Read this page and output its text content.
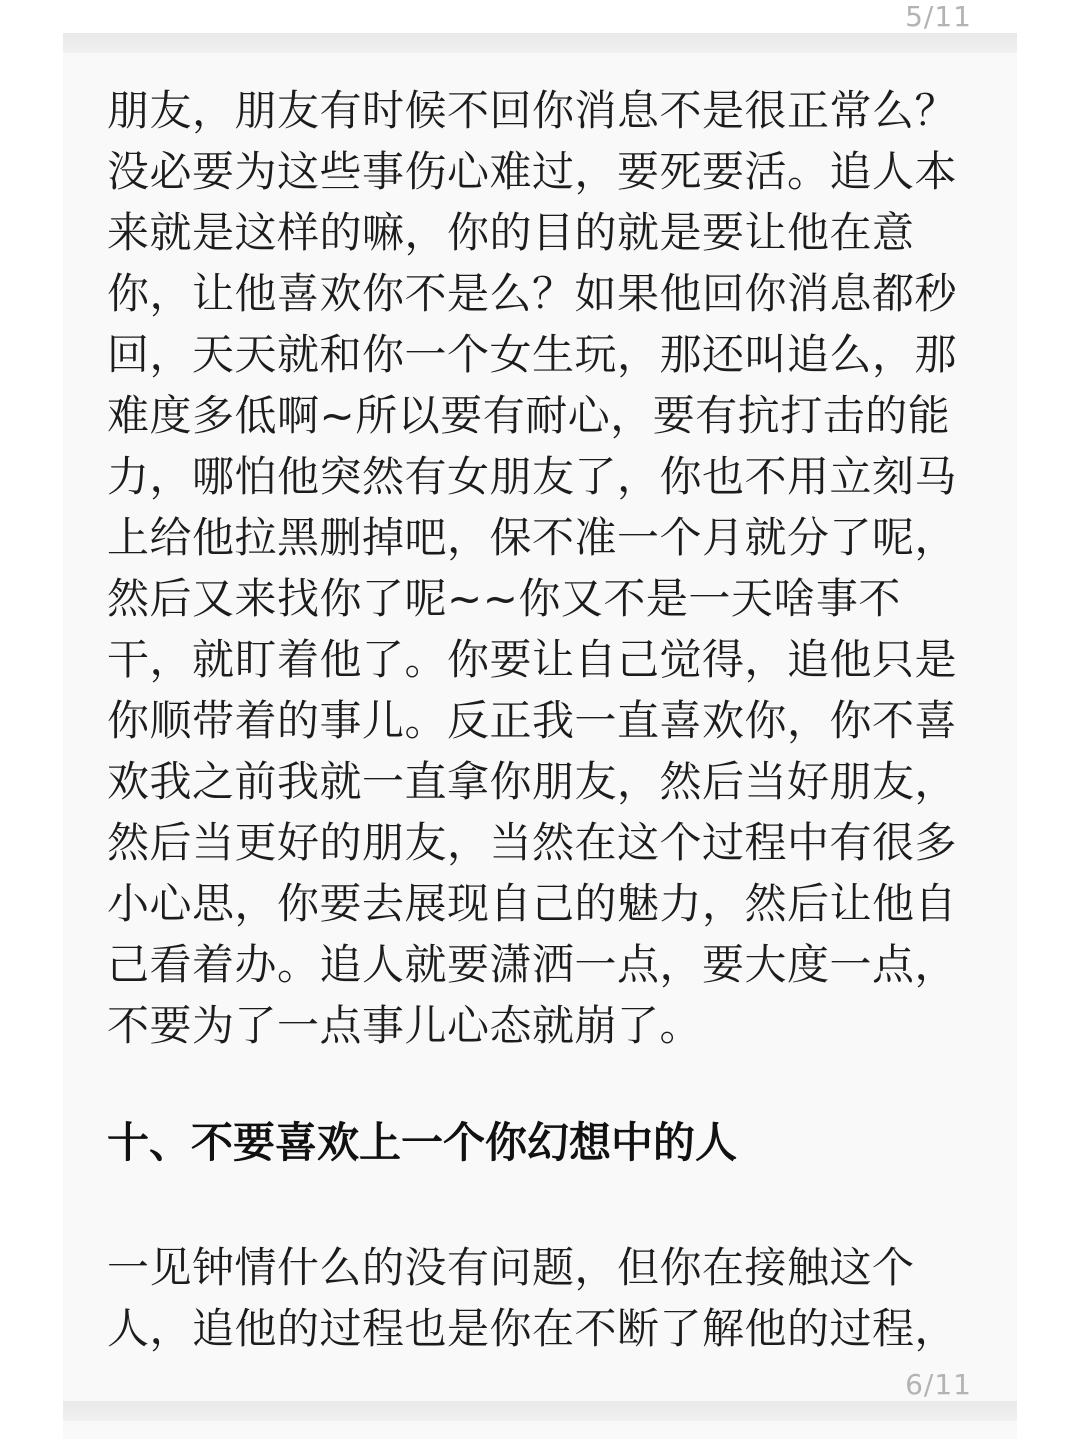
5/11
朋友，朋友有时候不回你消息不是很正常么？
没必要为这些事伤心难过，要死要活。追人本
来就是这样的嘛，你的目的就是要让他在意
你，让他喜欢你不是么？如果他回你消息都秒
回，天天就和你一个女生玩，那还叫追么，那
难度多低啊~所以要有耐心，要有抗打击的能
力，哪怕他突然有女朋友了，你也不用立刻马
上给他拉黑删掉吧，保不准一个月就分了呢，
然后又来找你了呢~~你又不是一天啥事不
干，就盯着他了。你要让自己觉得，追他只是
你顺带着的事儿。反正我一直喜欢你，你不喜
欢我之前我就一直拿你朋友，然后当好朋友，
然后当更好的朋友，当然在这个过程中有很多
小心思，你要去展现自己的魅力，然后让他自
己看着办。追人就要潇洒一点，要大度一点，
不要为了一点事儿心态就崩了。
十、不要喜欢上一个你幻想中的人
一见钟情什么的没有问题，但你在接触这个
人，追他的过程也是你在不断了解他的过程，
6/11
